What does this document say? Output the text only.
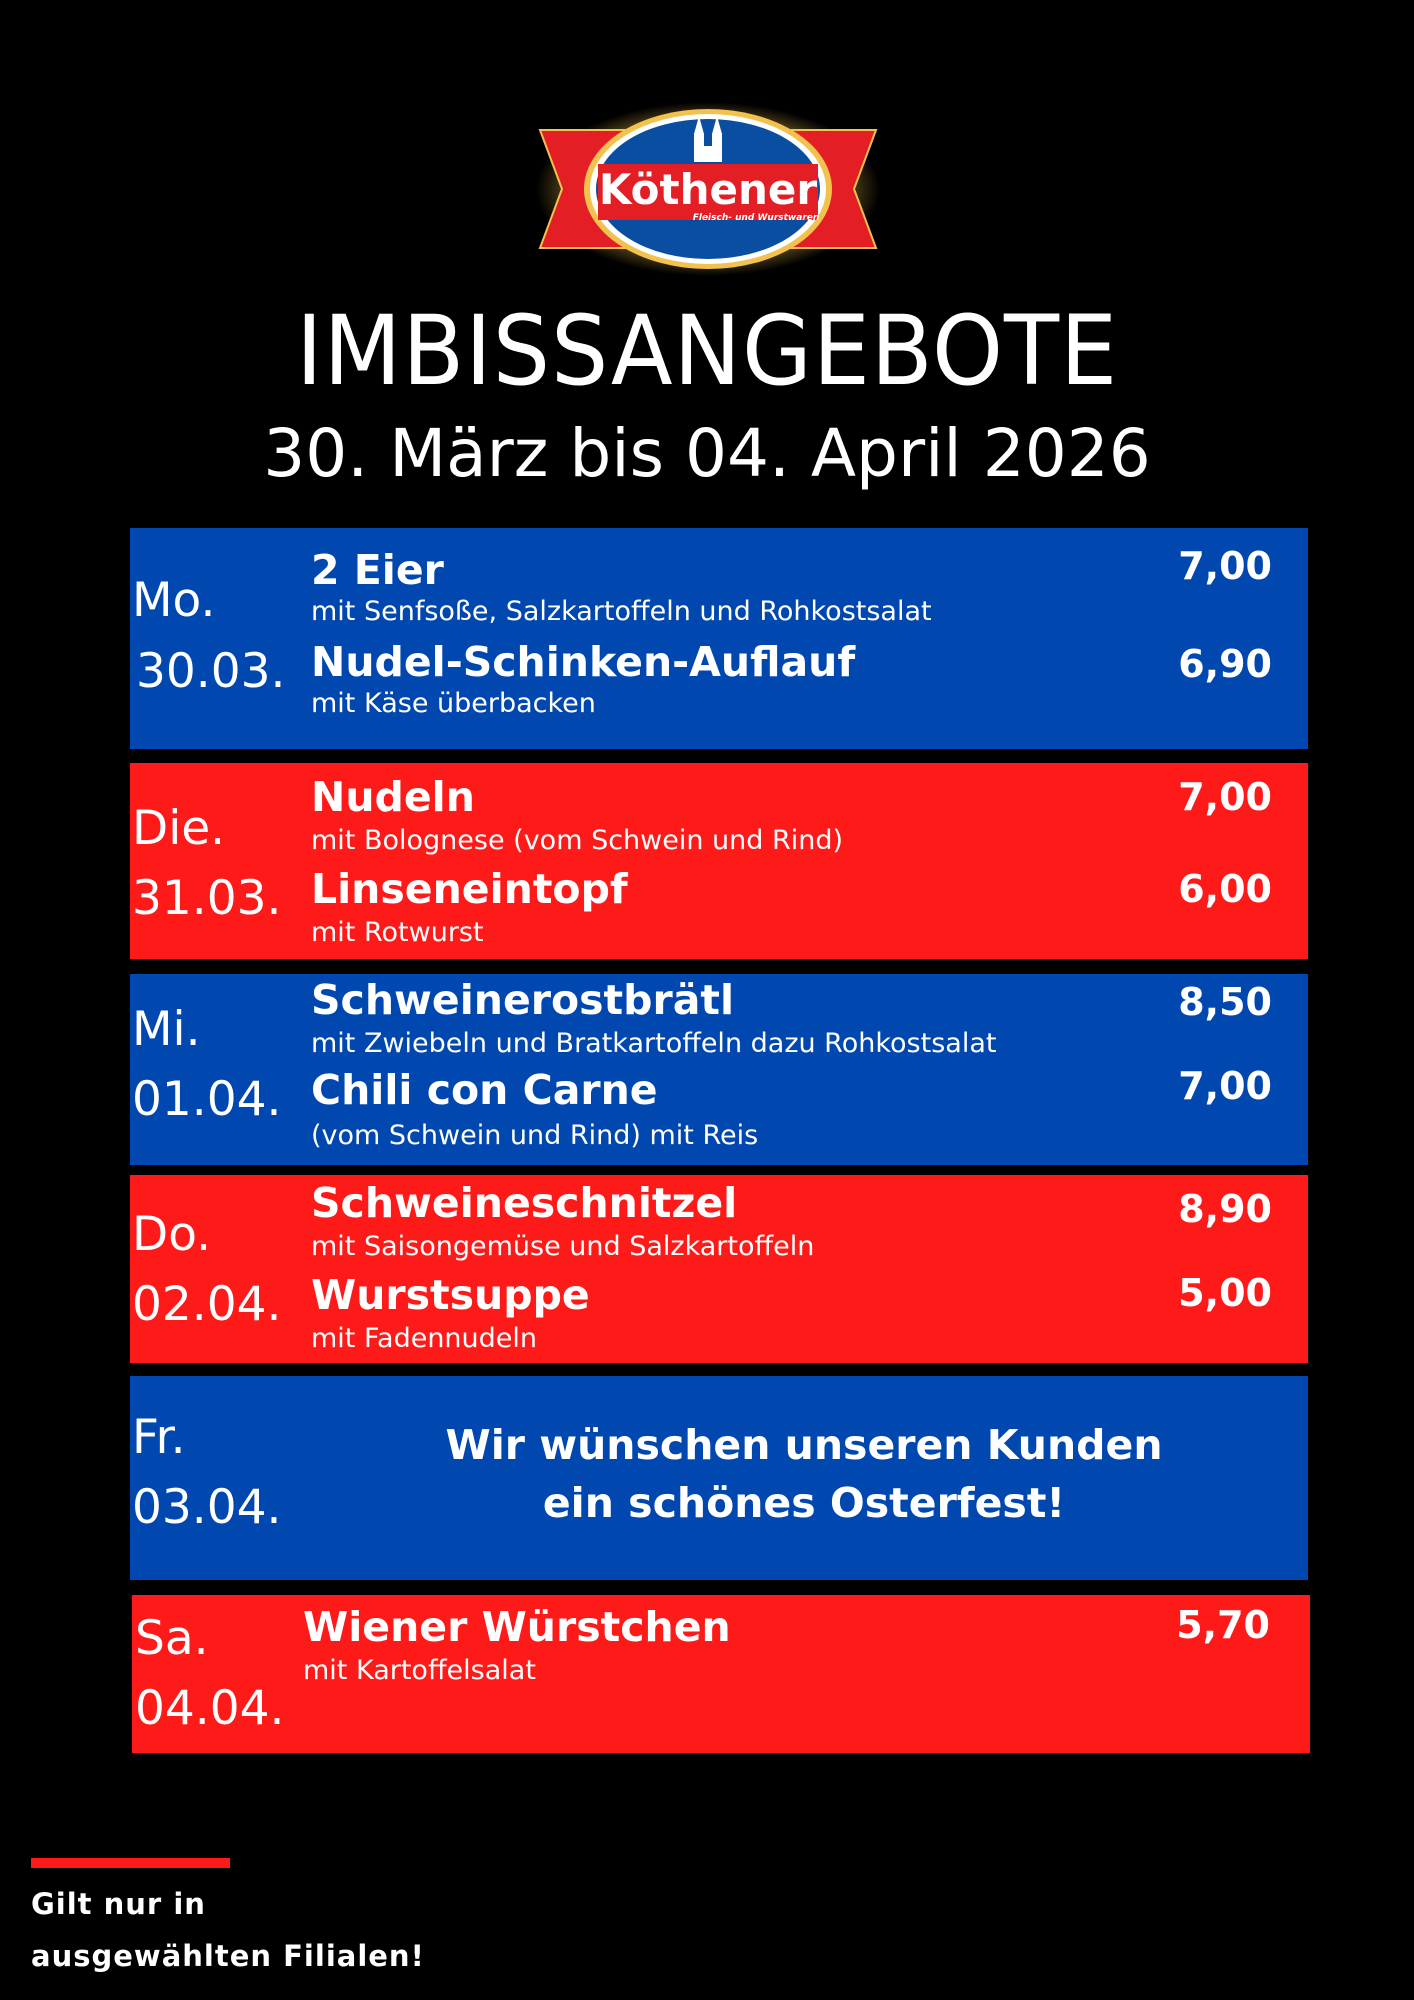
Köthener
Fleisch- und Wurstwaren
IMBISSANGEBOTE
30. März bis 04. April 2026
Mo.
30.03.
2 Eier
mit Senfsoße, Salzkartoffeln und Rohkostsalat
7,00
Nudel-Schinken-Auflauf
mit Käse überbacken
6,90
Die.
31.03.
Nudeln
mit Bolognese (vom Schwein und Rind)
7,00
Linseneintopf
mit Rotwurst
6,00
Mi.
01.04.
Schweinerostbrätl
mit Zwiebeln und Bratkartoffeln dazu Rohkostsalat
8,50
Chili con Carne
(vom Schwein und Rind) mit Reis
7,00
Do.
02.04.
Schweineschnitzel
mit Saisongemüse und Salzkartoffeln
8,90
Wurstsuppe
mit Fadennudeln
5,00
Fr.
03.04.
Wir wünschen unseren Kunden
ein schönes Osterfest!
Sa.
04.04.
Wiener Würstchen
mit Kartoffelsalat
5,70
Gilt nur in
ausgewählten Filialen!
